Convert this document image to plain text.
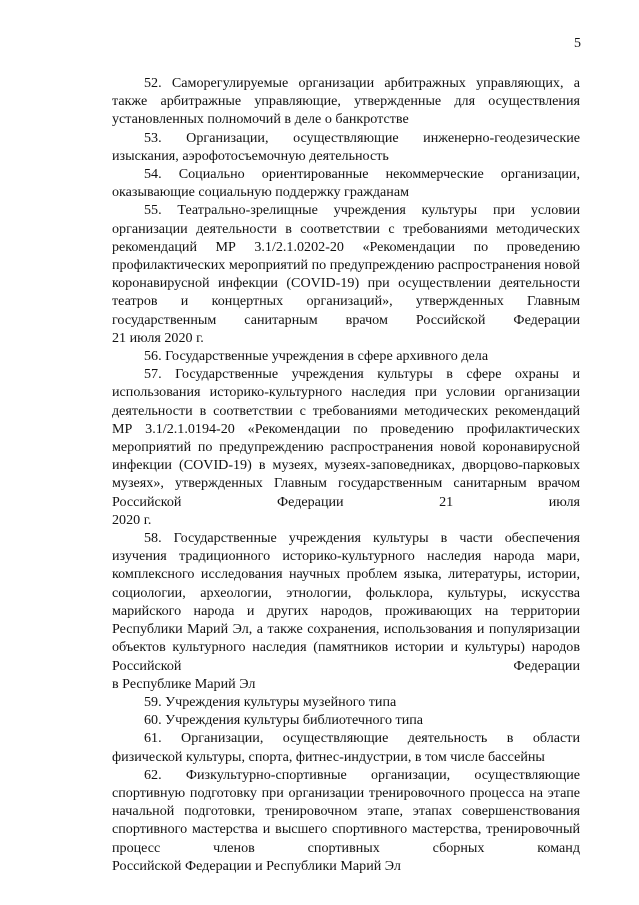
5

52. Саморегулируемые организации арбитражных управляющих, а также арбитражные управляющие, утвержденные для осуществления
установленных полномочий в деле о банкротстве

53. Организации, осуществляющие инженерно-геодезические
изыскания, аэрофотосъемочную деятельность

54. Социально ориентированные некоммерческие организации,
оказывающие социальную поддержку гражданам

55. Театрально-зрелищные учреждения культуры при условии организации деятельности в соответствии с требованиями методических рекомендаций МР 3.1/2.1.0202-20 «Рекомендации по проведению профилактических мероприятий по предупреждению распространения новой коронавирусной инфекции (COVID-19) при осуществлении деятельности театров и концертных организаций», утвержденных Главным государственным санитарным врачом Российской Федерации
21 июля 2020 г.

56. Государственные учреждения в сфере архивного дела

57. Государственные учреждения культуры в сфере охраны и использования историко-культурного наследия при условии организации деятельности в соответствии с требованиями методических рекомендаций МР 3.1/2.1.0194-20 «Рекомендации по проведению профилактических мероприятий по предупреждению распространения новой коронавирусной инфекции (COVID-19) в музеях, музеях-заповедниках, дворцово-парковых музеях», утвержденных Главным государственным санитарным врачом Российской Федерации 21 июля
2020 г.

58. Государственные учреждения культуры в части обеспечения изучения традиционного историко-культурного наследия народа мари, комплексного исследования научных проблем языка, литературы, истории, социологии, археологии, этнологии, фольклора, культуры, искусства марийского народа и других народов, проживающих на территории Республики Марий Эл, а также сохранения, использования и популяризации объектов культурного наследия (памятников истории и культуры) народов Российской Федерации
в Республике Марий Эл

59. Учреждения культуры музейного типа

60. Учреждения культуры библиотечного типа

61. Организации, осуществляющие деятельность в области
физической культуры, спорта, фитнес-индустрии, в том числе бассейны

62. Физкультурно-спортивные организации, осуществляющие спортивную подготовку при организации тренировочного процесса на этапе начальной подготовки, тренировочном этапе, этапах совершенствования спортивного мастерства и высшего спортивного мастерства, тренировочный процесс членов спортивных сборных команд
Российской Федерации и Республики Марий Эл
